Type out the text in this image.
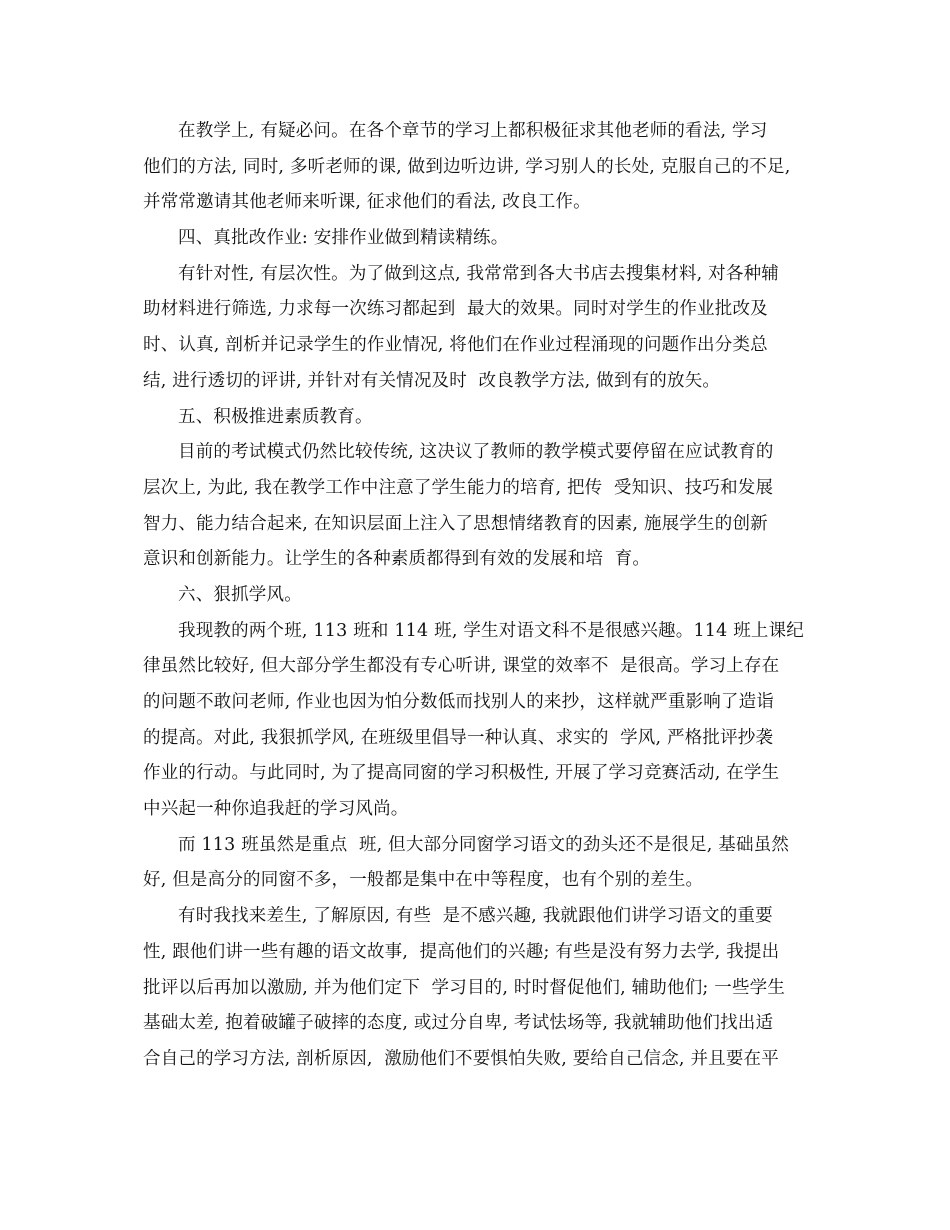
在教学上, 有疑必问。在各个章节的学习上都积极征求其他老师的看法, 学习
他们的方法, 同时, 多听老师的课, 做到边听边讲, 学习别人的长处, 克服自己的不足,
并常常邀请其他老师来听课, 征求他们的看法, 改良工作。
四、真批改作业: 安排作业做到精读精练。
有针对性, 有层次性。为了做到这点, 我常常到各大书店去搜集材料, 对各种辅
助材料进行筛选, 力求每一次练习都起到  最大的效果。同时对学生的作业批改及
时、认真, 剖析并记录学生的作业情况, 将他们在作业过程涌现的问题作出分类总
结, 进行透切的评讲, 并针对有关情况及时  改良教学方法, 做到有的放矢。
五、积极推进素质教育。
目前的考试模式仍然比较传统, 这决议了教师的教学模式要停留在应试教育的
层次上, 为此, 我在教学工作中注意了学生能力的培育, 把传  受知识、技巧和发展
智力、能力结合起来, 在知识层面上注入了思想情绪教育的因素, 施展学生的创新
意识和创新能力。让学生的各种素质都得到有效的发展和培  育。
六、狠抓学风。
我现教的两个班, 113 班和 114 班, 学生对语文科不是很感兴趣。114 班上课纪
律虽然比较好, 但大部分学生都没有专心听讲, 课堂的效率不  是很高。学习上存在
的问题不敢问老师, 作业也因为怕分数低而找别人的来抄，这样就严重影响了造诣
的提高。对此, 我狠抓学风, 在班级里倡导一种认真、求实的  学风, 严格批评抄袭
作业的行动。与此同时, 为了提高同窗的学习积极性, 开展了学习竞赛活动, 在学生
中兴起一种你追我赶的学习风尚。
而 113 班虽然是重点  班, 但大部分同窗学习语文的劲头还不是很足, 基础虽然
好, 但是高分的同窗不多，一般都是集中在中等程度，也有个别的差生。
有时我找来差生, 了解原因, 有些  是不感兴趣, 我就跟他们讲学习语文的重要
性, 跟他们讲一些有趣的语文故事,  提高他们的兴趣; 有些是没有努力去学, 我提出
批评以后再加以激励, 并为他们定下  学习目的, 时时督促他们, 辅助他们; 一些学生
基础太差, 抱着破罐子破摔的态度, 或过分自卑, 考试怯场等, 我就辅助他们找出适
合自己的学习方法, 剖析原因,  激励他们不要惧怕失败, 要给自己信念, 并且要在平
